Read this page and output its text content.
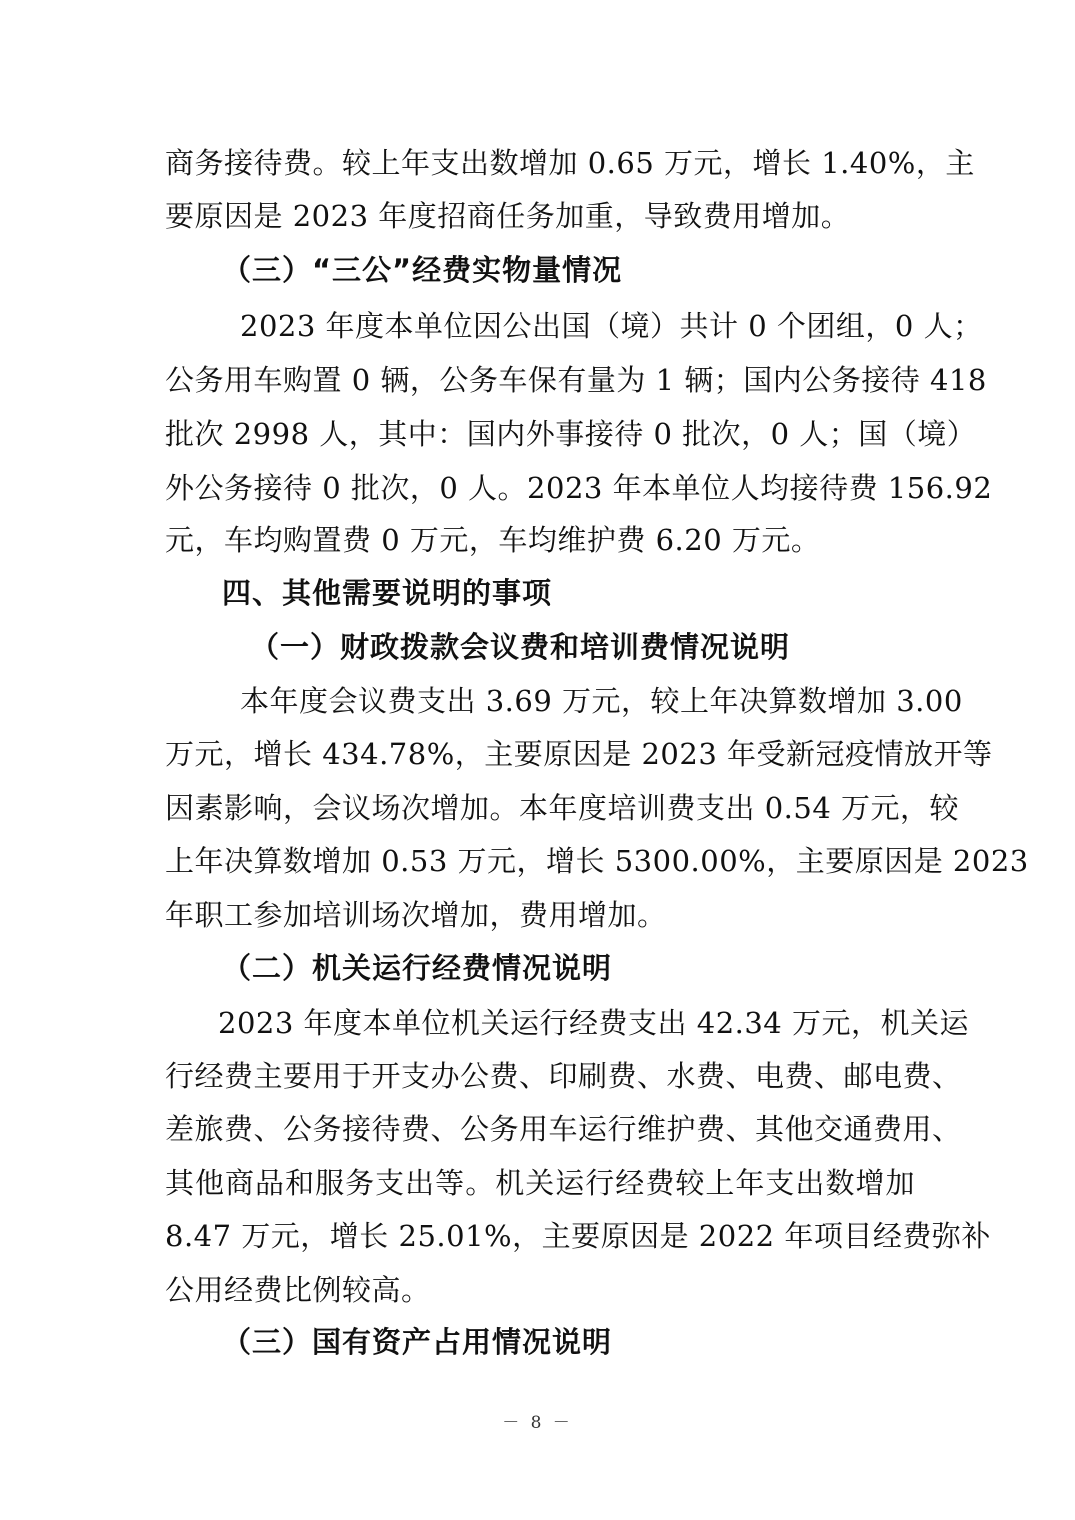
商务接待费。较上年支出数增加 0.65 万元，增长 1.40%，主
要原因是 2023 年度招商任务加重，导致费用增加。
（三）“三公”经费实物量情况
2023 年度本单位因公出国（境）共计 0 个团组，0 人；
公务用车购置 0 辆，公务车保有量为 1 辆；国内公务接待 418
批次 2998 人，其中：国内外事接待 0 批次，0 人；国（境）
外公务接待 0 批次，0 人。2023 年本单位人均接待费 156.92
元，车均购置费 0 万元，车均维护费 6.20 万元。
四、其他需要说明的事项
（一）财政拨款会议费和培训费情况说明
本年度会议费支出 3.69 万元，较上年决算数增加 3.00
万元，增长 434.78%，主要原因是 2023 年受新冠疫情放开等
因素影响，会议场次增加。本年度培训费支出 0.54 万元，较
上年决算数增加 0.53 万元，增长 5300.00%，主要原因是 2023
年职工参加培训场次增加，费用增加。
（二）机关运行经费情况说明
2023 年度本单位机关运行经费支出 42.34 万元，机关运
行经费主要用于开支办公费、印刷费、水费、电费、邮电费、
差旅费、公务接待费、公务用车运行维护费、其他交通费用、
其他商品和服务支出等。机关运行经费较上年支出数增加
8.47 万元，增长 25.01%，主要原因是 2022 年项目经费弥补
公用经费比例较高。
（三）国有资产占用情况说明
－ 8 －
